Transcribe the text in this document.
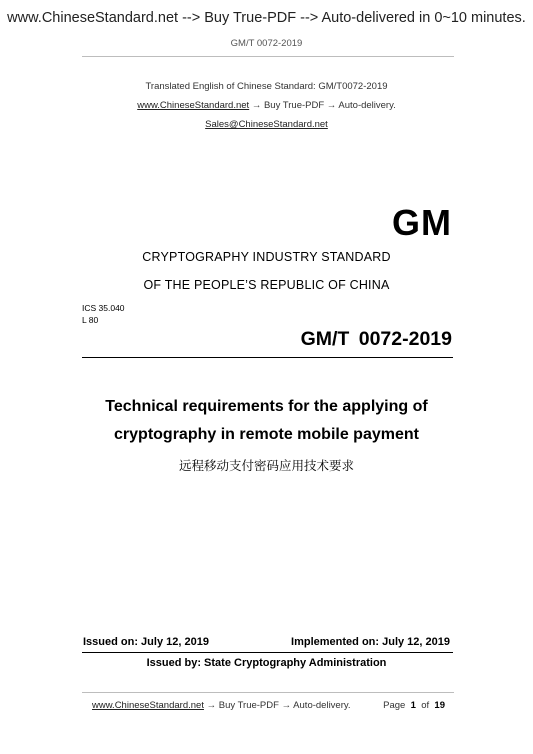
www.ChineseStandard.net --> Buy True-PDF --> Auto-delivered in 0~10 minutes.
GM/T 0072-2019
Translated English of Chinese Standard: GM/T0072-2019
www.ChineseStandard.net → Buy True-PDF → Auto-delivery.
Sales@ChineseStandard.net
GM
CRYPTOGRAPHY INDUSTRY STANDARD
OF THE PEOPLE’S REPUBLIC OF CHINA
ICS 35.040
L 80
GM/T 0072-2019
Technical requirements for the applying of
cryptography in remote mobile payment
远程移动支付密码应用技术要求
Issued on: July 12, 2019	Implemented on: July 12, 2019
Issued by: State Cryptography Administration
www.ChineseStandard.net → Buy True-PDF → Auto-delivery.	Page 1 of 19
